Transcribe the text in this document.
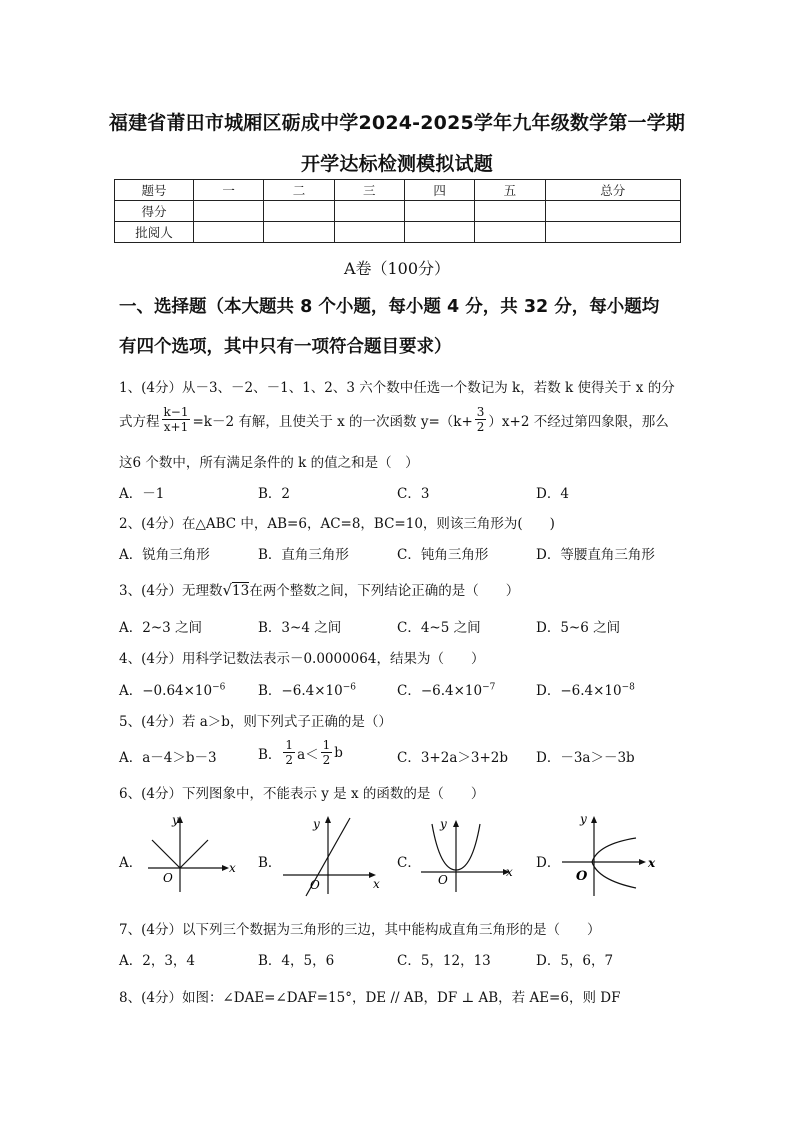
福建省莆田市城厢区砺成中学2024-2025学年九年级数学第一学期
开学达标检测模拟试题
题号	一	二	三	四	五	总分
得分						
批阅人						
A卷（100分）
一、选择题（本大题共 8 个小题，每小题 4 分，共 32 分，每小题均
有四个选项，其中只有一项符合题目要求）
1、(4分）从－3、－2、－1、1、2、3 六个数中任选一个数记为 k，若数 k 使得关于 x 的分
式方程 $\frac{k-1}{x+1} =k-2$ 有解，且使关于 x 的一次函数 $y=(k+ \frac{3}{2} )x+2$ 不经过第四象限，那么
这6 个数中，所有满足条件的 k 的值之和是（　）
A．－1	B．2	C．3	D．4
2、(4分）在△ABC 中，AB=6，AC=8，BC=10，则该三角形为(　　)
A．锐角三角形	B．直角三角形	C．钝角三角形	D．等腰直角三角形
3、(4分）无理数√13在两个整数之间，下列结论正确的是（　　）
A．2~3 之间	B．3~4 之间	C．4~5 之间	D．5~6 之间
4、(4分）用科学记数法表示－0.0000064，结果为（　　）
A．$-0.64\times 10^{-6}$ B．$-6.4\times 10^{-6}$	C．$-6.4\times 10^{-7}$	D．$-6.4\times 10^{-8}$
5、(4分）若 a＞b，则下列式子正确的是（）
A．a－4＞b－3	B． $\frac{1}{2} a< \frac{1}{2}$ b	C．3+2a＞3+2b D．－3a＞－3b
6、(4分）下列图象中，不能表示 y 是 x 的函数的是（　　）
A．
y
x
O
B．
y
x
O
C．
y
x
O
D．
y
x
O
7、(4分）以下列三个数据为三角形的三边，其中能构成直角三角形的是（　　）
A．2，3，4	B．4，5，6	C．5，12，13	D．5，6，7
8、(4分）如图：∠DAE=∠DAF=15°，DE // AB，DF ⊥ AB，若 AE=6，则 DF
